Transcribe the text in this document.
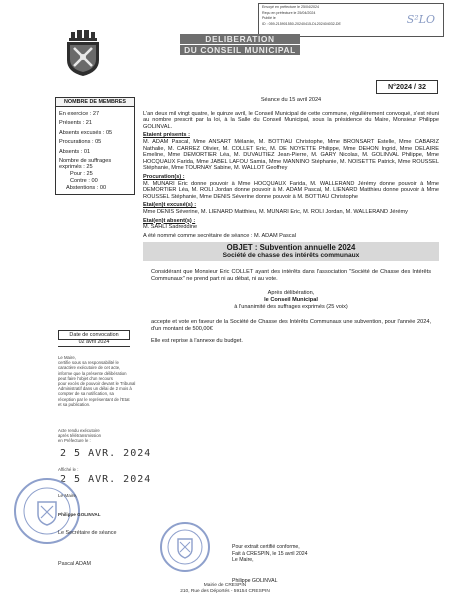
Envoyé en préfecture le 25/04/2024
Reçu en préfecture le 25/04/2024
Publié le
ID : 059-215901550-20240415-DL202404032-DE	S²LO
DELIBERATION
DU CONSEIL MUNICIPAL
N°2024 / 32
NOMBRE DE MEMBRES
En exercice : 27
Présents : 21
Absents excusés : 05
Procurations : 05
Absents : 01
Nombre de suffrages exprimés : 25
Pour : 25
Contre : 00
Abstentions : 00
Date de convocation
02 avril 2024
Le Maire,
certifie sous sa responsabilité le
caractère exécutoire de cet acte,
informe que la présente délibération
peut faire l'objet d'un recours
pour excès de pouvoir devant le Tribunal
Administratif dans un délai de 2 mois à
compter de sa notification, sa
réception par le représentant de l'Etat
et sa publication.
Acte rendu exécutoire
après télétransmission
en Préfecture le :
2 5 AVR. 2024
Affiché le :
2 5 AVR. 2024
Le Maire,
Philippe GOLINVAL
Le Secrétaire de séance
Pascal ADAM
Séance du 15 avril 2024
L'an deux mil vingt quatre, le quinze avril, le Conseil Municipal de cette commune, régulièrement convoqué, s'est réuni au nombre prescrit par la loi, à la Salle du Conseil Municipal, sous la présidence du Maire, Monsieur Philippe GOLINVAL.
Etaient présents :
M. ADAM Pascal, Mme ANSART Mélanie, M. BOTTIAU Christophe, Mme BRONSART Estelle, Mme CABARIZ Nathalie, M. CARREZ Olivier, M. COLLET Eric, M. DE NOYETTE Philippe, Mme DEHON Ingrid, Mme DELAIRE Emeline, Mme DEMORTIER Léa, M. DUVAUTIEZ Jean-Pierre, M. GARY Nicolas, M. GOLINVAL Philippe, Mme HOCQUAUX Farida, Mme JABEL LAFOU Samia, Mme MANNINO Stéphanie, M. NOISETTE Patrick, Mme ROUSSEL Stéphanie, Mme TOURNAY Sabine, M. WALLOT Geoffrey
Procuration(s) :
M. MUNARI Eric donne pouvoir à Mme HOCQUAUX Farida, M. WALLERAND Jérémy donne pouvoir à Mme DEMORTIER Léa, M. ROLI Jordan donne pouvoir à M. ADAM Pascal, M. LIENARD Matthieu donne pouvoir à Mme ROUSSEL Stéphanie, Mme DENIS Séverine donne pouvoir à M. BOTTIAU Christophe
Etai(en)t excusé(s) :
Mme DENIS Séverine, M. LIENARD Matthieu, M. MUNARI Eric, M. ROLI Jordan, M. WALLERAND Jérémy
Etai(en)t absent(s) :
M. SAHLI Sadreddine
A été nommé comme secrétaire de séance : M. ADAM Pascal
OBJET : Subvention annuelle 2024
Société de chasse des intérêts communaux
Considérant que Monsieur Eric COLLET ayant des intérêts dans l'association "Société de Chasse des Intérêts Communaux" ne prend part ni au débat, ni au vote.
Après délibération,
le Conseil Municipal
à l'unanimité des suffrages exprimés (25 voix)
accepte et vote en faveur de la Société de Chasse des Intérêts Communaux une subvention, pour l'année 2024, d'un montant de 500,00€
Elle est reprise à l'annexe du budget.
Pour extrait certifié conforme,
Fait à CRESPIN, le 15 avril 2024
Le Maire,
Philippe GOLINVAL
Mairie de CRESPIN
210, Rue des Déportés - 59154 CRESPIN
